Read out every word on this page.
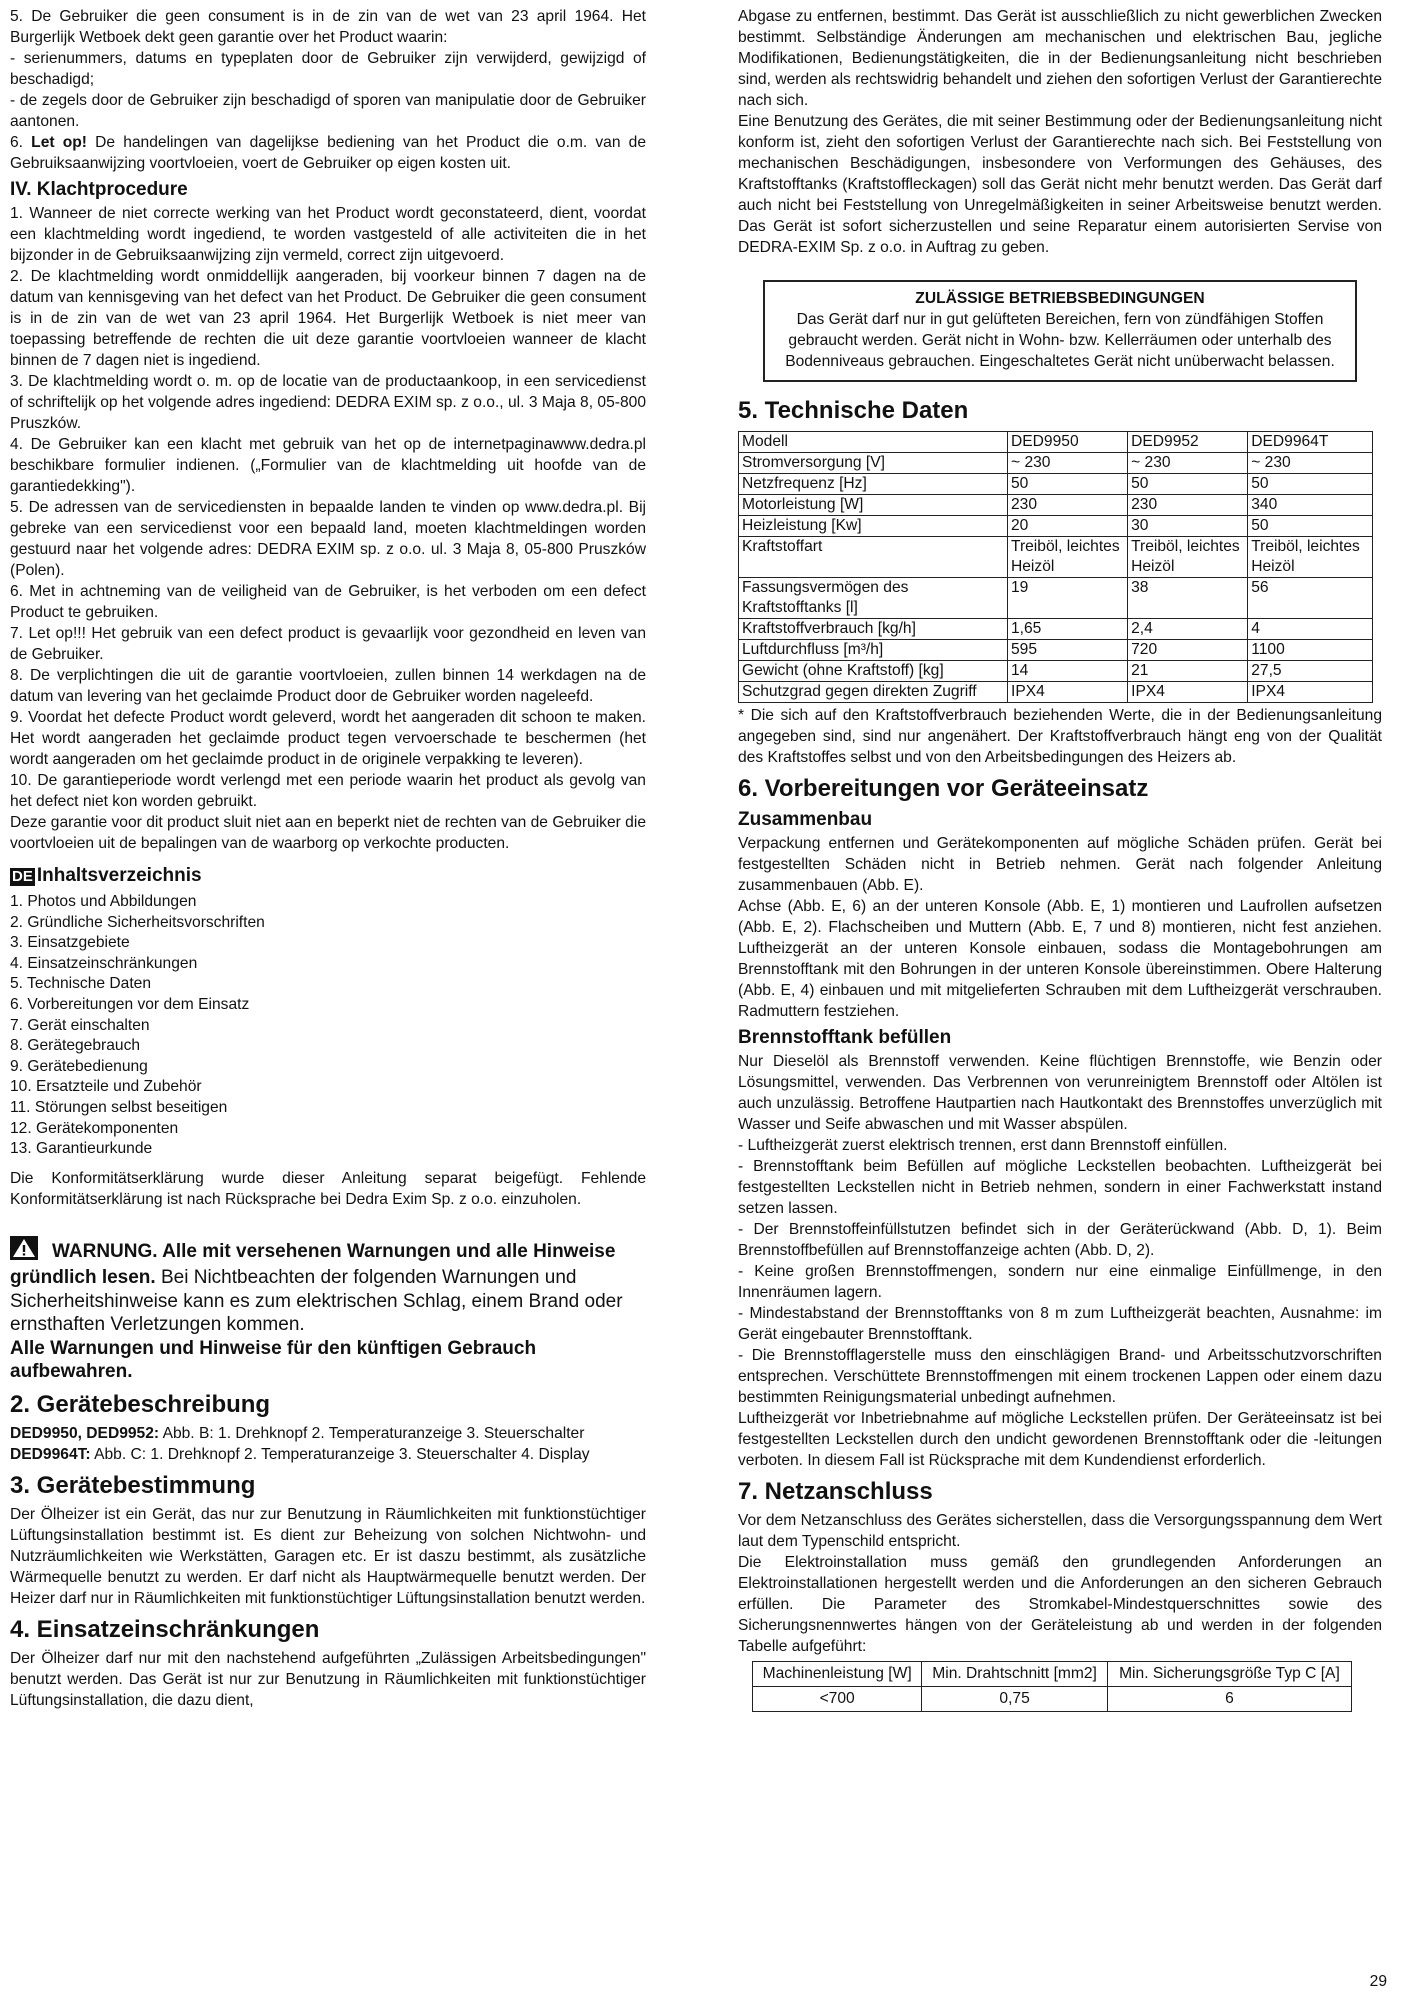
5. De Gebruiker die geen consument is in de zin van de wet van 23 april 1964. Het Burgerlijk Wetboek dekt geen garantie over het Product waarin:

- serienummers, datums en typeplaten door de Gebruiker zijn verwijderd, gewijzigd of beschadigd;

- de zegels door de Gebruiker zijn beschadigd of sporen van manipulatie door de Gebruiker aantonen.

6. Let op! De handelingen van dagelijkse bediening van het Product die o.m. van de Gebruiksaanwijzing voortvloeien, voert de Gebruiker op eigen kosten uit.

IV. Klachtprocedure

1. Wanneer de niet correcte werking van het Product wordt geconstateerd, dient, voordat een klachtmelding wordt ingediend, te worden vastgesteld of alle activiteiten die in het bijzonder in de Gebruiksaanwijzing zijn vermeld, correct zijn uitgevoerd.

2. De klachtmelding wordt onmiddellijk aangeraden, bij voorkeur binnen 7 dagen na de datum van kennisgeving van het defect van het Product. De Gebruiker die geen consument is in de zin van de wet van 23 april 1964. Het Burgerlijk Wetboek is niet meer van toepassing betreffende de rechten die uit deze garantie voortvloeien wanneer de klacht binnen de 7 dagen niet is ingediend.

3. De klachtmelding wordt o. m. op de locatie van de productaankoop, in een servicedienst of schriftelijk op het volgende adres ingediend: DEDRA EXIM sp. z o.o., ul. 3 Maja 8, 05-800 Pruszków.

4. De Gebruiker kan een klacht met gebruik van het op de internetpaginawww.dedra.pl beschikbare formulier indienen. („Formulier van de klachtmelding uit hoofde van de garantiedekking").

5. De adressen van de servicediensten in bepaalde landen te vinden op www.dedra.pl. Bij gebreke van een servicedienst voor een bepaald land, moeten klachtmeldingen worden gestuurd naar het volgende adres: DEDRA EXIM sp. z o.o. ul. 3 Maja 8, 05-800 Pruszków (Polen).

6. Met in achtneming van de veiligheid van de Gebruiker, is het verboden om een defect Product te gebruiken.

7. Let op!!! Het gebruik van een defect product is gevaarlijk voor gezondheid en leven van de Gebruiker.

8. De verplichtingen die uit de garantie voortvloeien, zullen binnen 14 werkdagen na de datum van levering van het geclaimde Product door de Gebruiker worden nageleefd.

9. Voordat het defecte Product wordt geleverd, wordt het aangeraden dit schoon te maken. Het wordt aangeraden het geclaimde product tegen vervoerschade te beschermen (het wordt aangeraden om het geclaimde product in de originele verpakking te leveren).

10. De garantieperiode wordt verlengd met een periode waarin het product als gevolg van het defect niet kon worden gebruikt.

Deze garantie voor dit product sluit niet aan en beperkt niet de rechten van de Gebruiker die voortvloeien uit de bepalingen van de waarborg op verkochte producten.

DE Inhaltsverzeichnis
1. Photos und Abbildungen
2. Gründliche Sicherheitsvorschriften
3. Einsatzgebiete
4. Einsatzeinschränkungen
5. Technische Daten
6. Vorbereitungen vor dem Einsatz
7. Gerät einschalten
8. Gerätegebrauch
9. Gerätebedienung
10. Ersatzteile und Zubehör
11. Störungen selbst beseitigen
12. Gerätekomponenten
13. Garantieurkunde

Die Konformitätserklärung wurde dieser Anleitung separat beigefügt. Fehlende Konformitätserklärung ist nach Rücksprache bei Dedra Exim Sp. z o.o. einzuholen.

WARNUNG. Alle mit versehenen Warnungen und alle Hinweise gründlich lesen. Bei Nichtbeachten der folgenden Warnungen und Sicherheitshinweise kann es zum elektrischen Schlag, einem Brand oder ernsthaften Verletzungen kommen.
Alle Warnungen und Hinweise für den künftigen Gebrauch aufbewahren.
2. Gerätebeschreibung

DED9950, DED9952: Abb. B: 1. Drehknopf 2. Temperaturanzeige 3. Steuerschalter

DED9964T: Abb. C: 1. Drehknopf 2. Temperaturanzeige 3. Steuerschalter 4. Display

3. Gerätebestimmung

Der Ölheizer ist ein Gerät, das nur zur Benutzung in Räumlichkeiten mit funktionstüchtiger Lüftungsinstallation bestimmt ist. Es dient zur Beheizung von solchen Nichtwohn- und Nutzräumlichkeiten wie Werkstätten, Garagen etc. Er ist daszu bestimmt, als zusätzliche Wärmequelle benutzt zu werden. Er darf nicht als Hauptwärmequelle benutzt werden. Der Heizer darf nur in Räumlichkeiten mit funktionstüchtiger Lüftungsinstallation benutzt werden.

4. Einsatzeinschränkungen

Der Ölheizer darf nur mit den nachstehend aufgeführten „Zulässigen Arbeitsbedingungen" benutzt werden. Das Gerät ist nur zur Benutzung in Räumlichkeiten mit funktionstüchtiger Lüftungsinstallation, die dazu dient,

Abgase zu entfernen, bestimmt. Das Gerät ist ausschließlich zu nicht gewerblichen Zwecken bestimmt. Selbständige Änderungen am mechanischen und elektrischen Bau, jegliche Modifikationen, Bedienungstätigkeiten, die in der Bedienungsanleitung nicht beschrieben sind, werden als rechtswidrig behandelt und ziehen den sofortigen Verlust der Garantierechte nach sich.

Eine Benutzung des Gerätes, die mit seiner Bestimmung oder der Bedienungsanleitung nicht konform ist, zieht den sofortigen Verlust der Garantierechte nach sich. Bei Feststellung von mechanischen Beschädigungen, insbesondere von Verformungen des Gehäuses, des Kraftstofftanks (Kraftstoffleckagen) soll das Gerät nicht mehr benutzt werden. Das Gerät darf auch nicht bei Feststellung von Unregelmäßigkeiten in seiner Arbeitsweise benutzt werden. Das Gerät ist sofort sicherzustellen und seine Reparatur einem autorisierten Servise von DEDRA-EXIM Sp. z o.o. in Auftrag zu geben.

ZULÄSSIGE BETRIEBSBEDINGUNGEN
Das Gerät darf nur in gut gelüfteten Bereichen, fern von zündfähigen Stoffen gebraucht werden. Gerät nicht in Wohn- bzw. Kellerräumen oder unterhalb des Bodenniveaus gebrauchen. Eingeschaltetes Gerät nicht unüberwacht belassen.
5. Technische Daten
Modell	DED9950	DED9952	DED9964T
Stromversorgung [V]	~ 230	~ 230	~ 230
Netzfrequenz [Hz]	50	50	50
Motorleistung [W]	230	230	340
Heizleistung [Kw]	20	30	50
Kraftstoffart	Treiböl, leichtes Heizöl	Treiböl, leichtes Heizöl	Treiböl, leichtes Heizöl
Fassungsvermögen des Kraftstofftanks [l]	19	38	56
Kraftstoffverbrauch [kg/h]	1,65	2,4	4
Luftdurchfluss [m³/h]	595	720	1100
Gewicht (ohne Kraftstoff) [kg]	14	21	27,5
Schutzgrad gegen direkten Zugriff	IPX4	IPX4	IPX4

* Die sich auf den Kraftstoffverbrauch beziehenden Werte, die in der Bedienungsanleitung angegeben sind, sind nur angenähert. Der Kraftstoffverbrauch hängt eng von der Qualität des Kraftstoffes selbst und von den Arbeitsbedingungen des Heizers ab.

6. Vorbereitungen vor Geräteeinsatz
Zusammenbau

Verpackung entfernen und Gerätekomponenten auf mögliche Schäden prüfen. Gerät bei festgestellten Schäden nicht in Betrieb nehmen. Gerät nach folgender Anleitung zusammenbauen (Abb. E).

Achse (Abb. E, 6) an der unteren Konsole (Abb. E, 1) montieren und Laufrollen aufsetzen (Abb. E, 2). Flachscheiben und Muttern (Abb. E, 7 und 8) montieren, nicht fest anziehen. Luftheizgerät an der unteren Konsole einbauen, sodass die Montagebohrungen am Brennstofftank mit den Bohrungen in der unteren Konsole übereinstimmen. Obere Halterung (Abb. E, 4) einbauen und mit mitgelieferten Schrauben mit dem Luftheizgerät verschrauben. Radmuttern festziehen.

Brennstofftank befüllen

Nur Dieselöl als Brennstoff verwenden. Keine flüchtigen Brennstoffe, wie Benzin oder Lösungsmittel, verwenden. Das Verbrennen von verunreinigtem Brennstoff oder Altölen ist auch unzulässig. Betroffene Hautpartien nach Hautkontakt des Brennstoffes unverzüglich mit Wasser und Seife abwaschen und mit Wasser abspülen.

- Luftheizgerät zuerst elektrisch trennen, erst dann Brennstoff einfüllen.

- Brennstofftank beim Befüllen auf mögliche Leckstellen beobachten. Luftheizgerät bei festgestellten Leckstellen nicht in Betrieb nehmen, sondern in einer Fachwerkstatt instand setzen lassen.

- Der Brennstoffeinfüllstutzen befindet sich in der Geräterückwand (Abb. D, 1). Beim Brennstoffbefüllen auf Brennstoffanzeige achten (Abb. D, 2).

- Keine großen Brennstoffmengen, sondern nur eine einmalige Einfüllmenge, in den Innenräumen lagern.

- Mindestabstand der Brennstofftanks von 8 m zum Luftheizgerät beachten, Ausnahme: im Gerät eingebauter Brennstofftank.

- Die Brennstofflagerstelle muss den einschlägigen Brand- und Arbeitsschutzvorschriften entsprechen. Verschüttete Brennstoffmengen mit einem trockenen Lappen oder einem dazu bestimmten Reinigungsmaterial unbedingt aufnehmen.

Luftheizgerät vor Inbetriebnahme auf mögliche Leckstellen prüfen. Der Geräteeinsatz ist bei festgestellten Leckstellen durch den undicht gewordenen Brennstofftank oder die -leitungen verboten. In diesem Fall ist Rücksprache mit dem Kundendienst erforderlich.

7. Netzanschluss

Vor dem Netzanschluss des Gerätes sicherstellen, dass die Versorgungsspannung dem Wert laut dem Typenschild entspricht.

Die Elektroinstallation muss gemäß den grundlegenden Anforderungen an Elektroinstallationen hergestellt werden und die Anforderungen an den sicheren Gebrauch erfüllen. Die Parameter des Stromkabel-Mindestquerschnittes sowie des Sicherungsnennwertes hängen von der Geräteleistung ab und werden in der folgenden Tabelle aufgeführt:

Machinenleistung [W]	Min. Drahtschnitt [mm2]	Min. Sicherungsgröße Typ C [A]
<700	0,75	6
29
